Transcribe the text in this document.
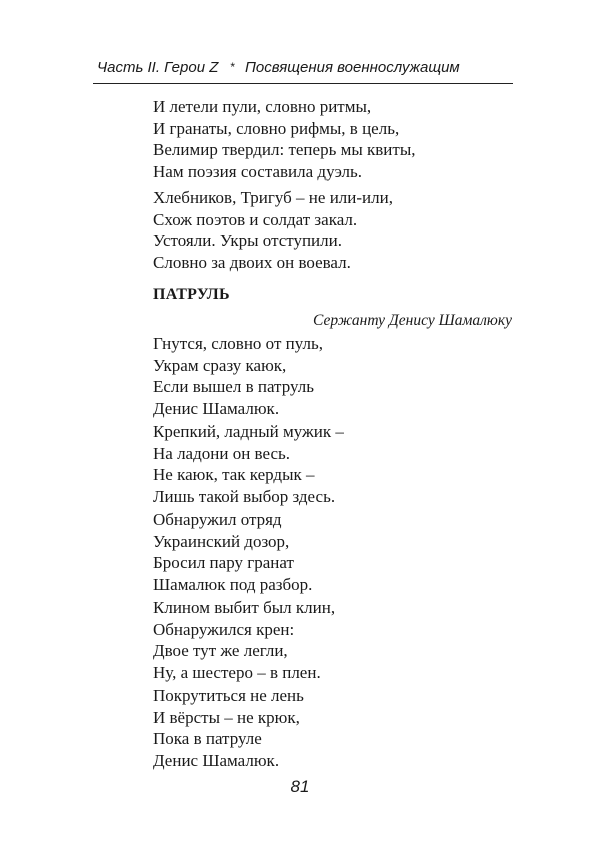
Часть II. Герои Z * Посвящения военнослужащим
И летели пули, словно ритмы,
И гранаты, словно рифмы, в цель,
Велимир твердил: теперь мы квиты,
Нам поэзия составила дуэль.
Хлебников, Тригуб – не или-или,
Схож поэтов и солдат закал.
Устояли. Укры отступили.
Словно за двоих он воевал.
ПАТРУЛЬ
Сержанту Денису Шамалюку
Гнутся, словно от пуль,
Украм сразу каюк,
Если вышел в патруль
Денис Шамалюк.
Крепкий, ладный мужик –
На ладони он весь.
Не каюк, так кердык –
Лишь такой выбор здесь.
Обнаружил отряд
Украинский дозор,
Бросил пару гранат
Шамалюк под разбор.
Клином выбит был клин,
Обнаружился крен:
Двое тут же легли,
Ну, а шестеро – в плен.
Покрутиться не лень
И вёрсты – не крюк,
Пока в патруле
Денис Шамалюк.
81
